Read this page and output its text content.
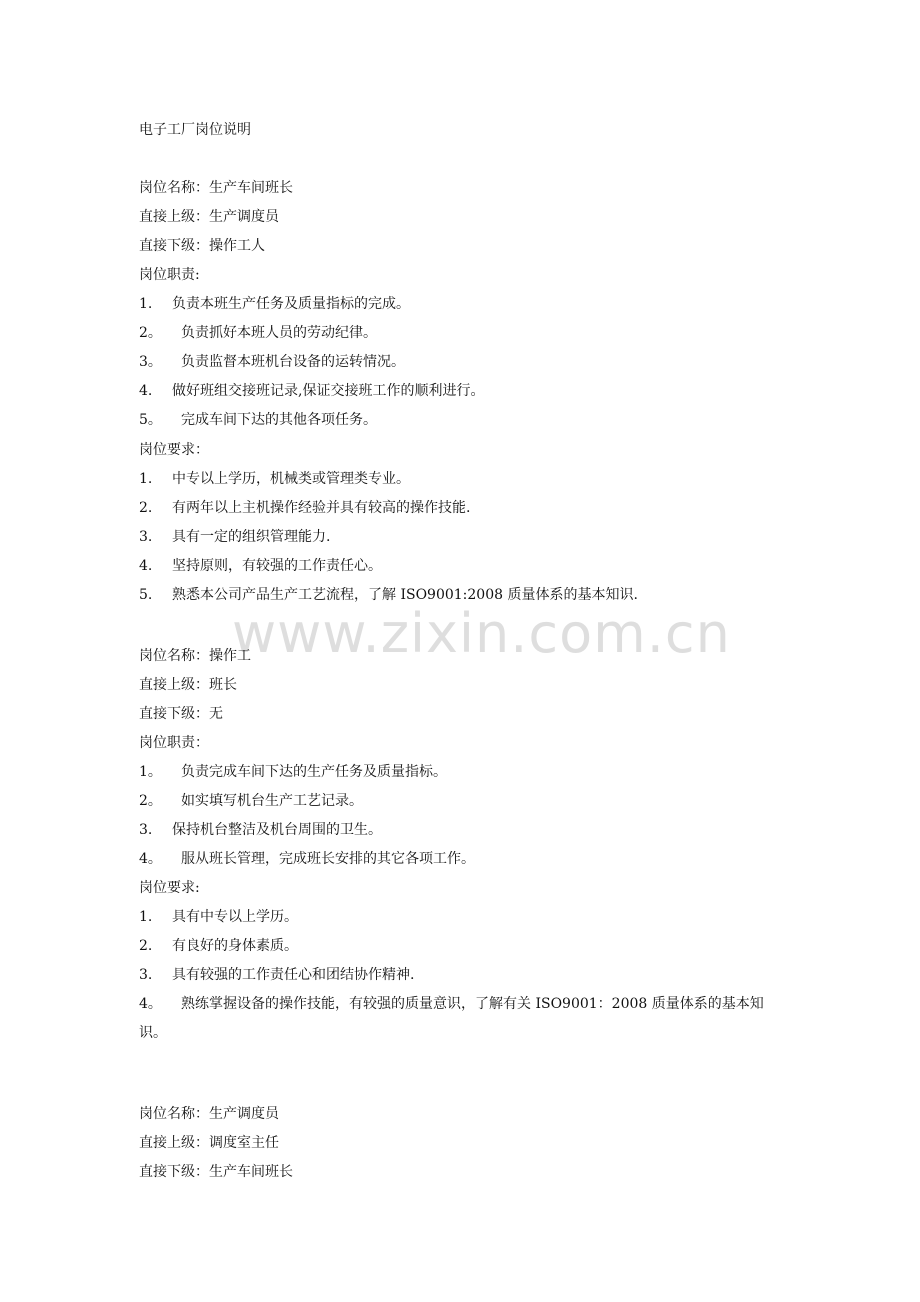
www.zixin.com.cn
电子工厂岗位说明
岗位名称：生产车间班长
直接上级：生产调度员
直接下级：操作工人
岗位职责:
1. 负责本班生产任务及质量指标的完成。
2。 负责抓好本班人员的劳动纪律。
3。 负责监督本班机台设备的运转情况。
4. 做好班组交接班记录,保证交接班工作的顺利进行。
5。 完成车间下达的其他各项任务。
岗位要求：
1. 中专以上学历，机械类或管理类专业。
2. 有两年以上主机操作经验并具有较高的操作技能.
3. 具有一定的组织管理能力.
4. 坚持原则，有较强的工作责任心。
5. 熟悉本公司产品生产工艺流程，了解 ISO9001:2008 质量体系的基本知识.
岗位名称：操作工
直接上级：班长
直接下级：无
岗位职责：
1。 负责完成车间下达的生产任务及质量指标。
2。 如实填写机台生产工艺记录。
3. 保持机台整洁及机台周围的卫生。
4。 服从班长管理，完成班长安排的其它各项工作。
岗位要求:
1. 具有中专以上学历。
2. 有良好的身体素质。
3. 具有较强的工作责任心和团结协作精神.
4。 熟练掌握设备的操作技能，有较强的质量意识，了解有关 ISO9001：2008 质量体系的基本知识。
岗位名称：生产调度员
直接上级：调度室主任
直接下级：生产车间班长
